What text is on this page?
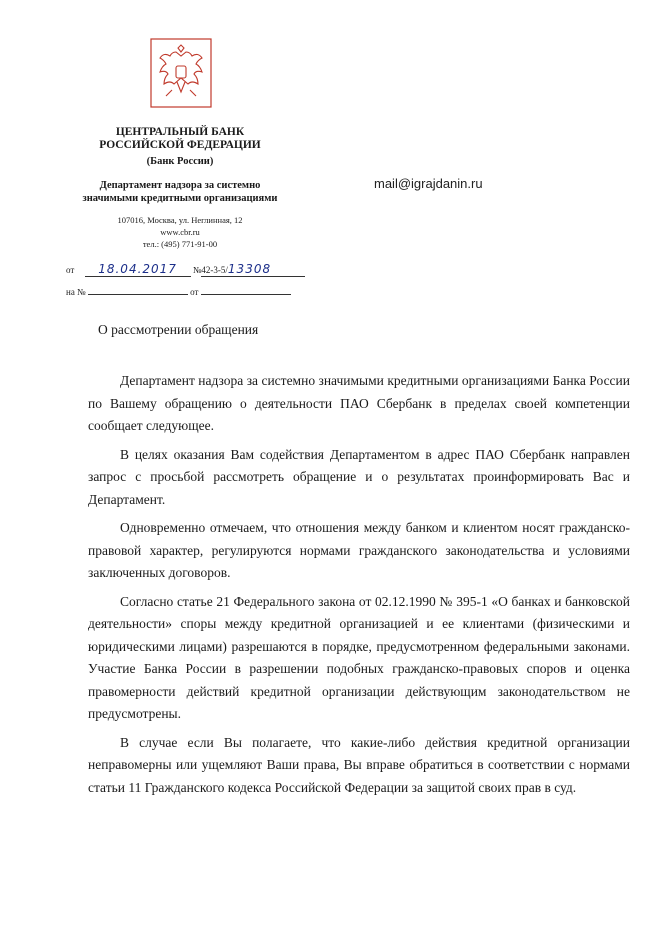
ЦЕНТРАЛЬНЫЙ БАНК
РОССИЙСКОЙ ФЕДЕРАЦИИ
(Банк России)
Департамент надзора за системно
значимыми кредитными организациями
107016, Москва, ул. Неглинная, 12
www.cbr.ru
тел.: (495) 771-91-00
mail@igrajdanin.ru
от 18.04.2017 №42-3-5/13308
на №	от
О рассмотрении обращения

Департамент надзора за системно значимыми кредитными организациями Банка России по Вашему обращению о деятельности ПАО Сбербанк в пределах своей компетенции сообщает следующее.

В целях оказания Вам содействия Департаментом в адрес ПАО Сбербанк направлен запрос с просьбой рассмотреть обращение и о результатах проинформировать Вас и Департамент.

Одновременно отмечаем, что отношения между банком и клиентом носят гражданско-правовой характер, регулируются нормами гражданского законодательства и условиями заключенных договоров.

Согласно статье 21 Федерального закона от 02.12.1990 № 395-1 «О банках и банковской деятельности» споры между кредитной организацией и ее клиентами (физическими и юридическими лицами) разрешаются в порядке, предусмотренном федеральными законами. Участие Банка России в разрешении подобных гражданско-правовых споров и оценка правомерности действий кредитной организации действующим законодательством не предусмотрены.

В случае если Вы полагаете, что какие-либо действия кредитной организации неправомерны или ущемляют Ваши права, Вы вправе обратиться в соответствии с нормами статьи 11 Гражданского кодекса Российской Федерации за защитой своих прав в суд.
